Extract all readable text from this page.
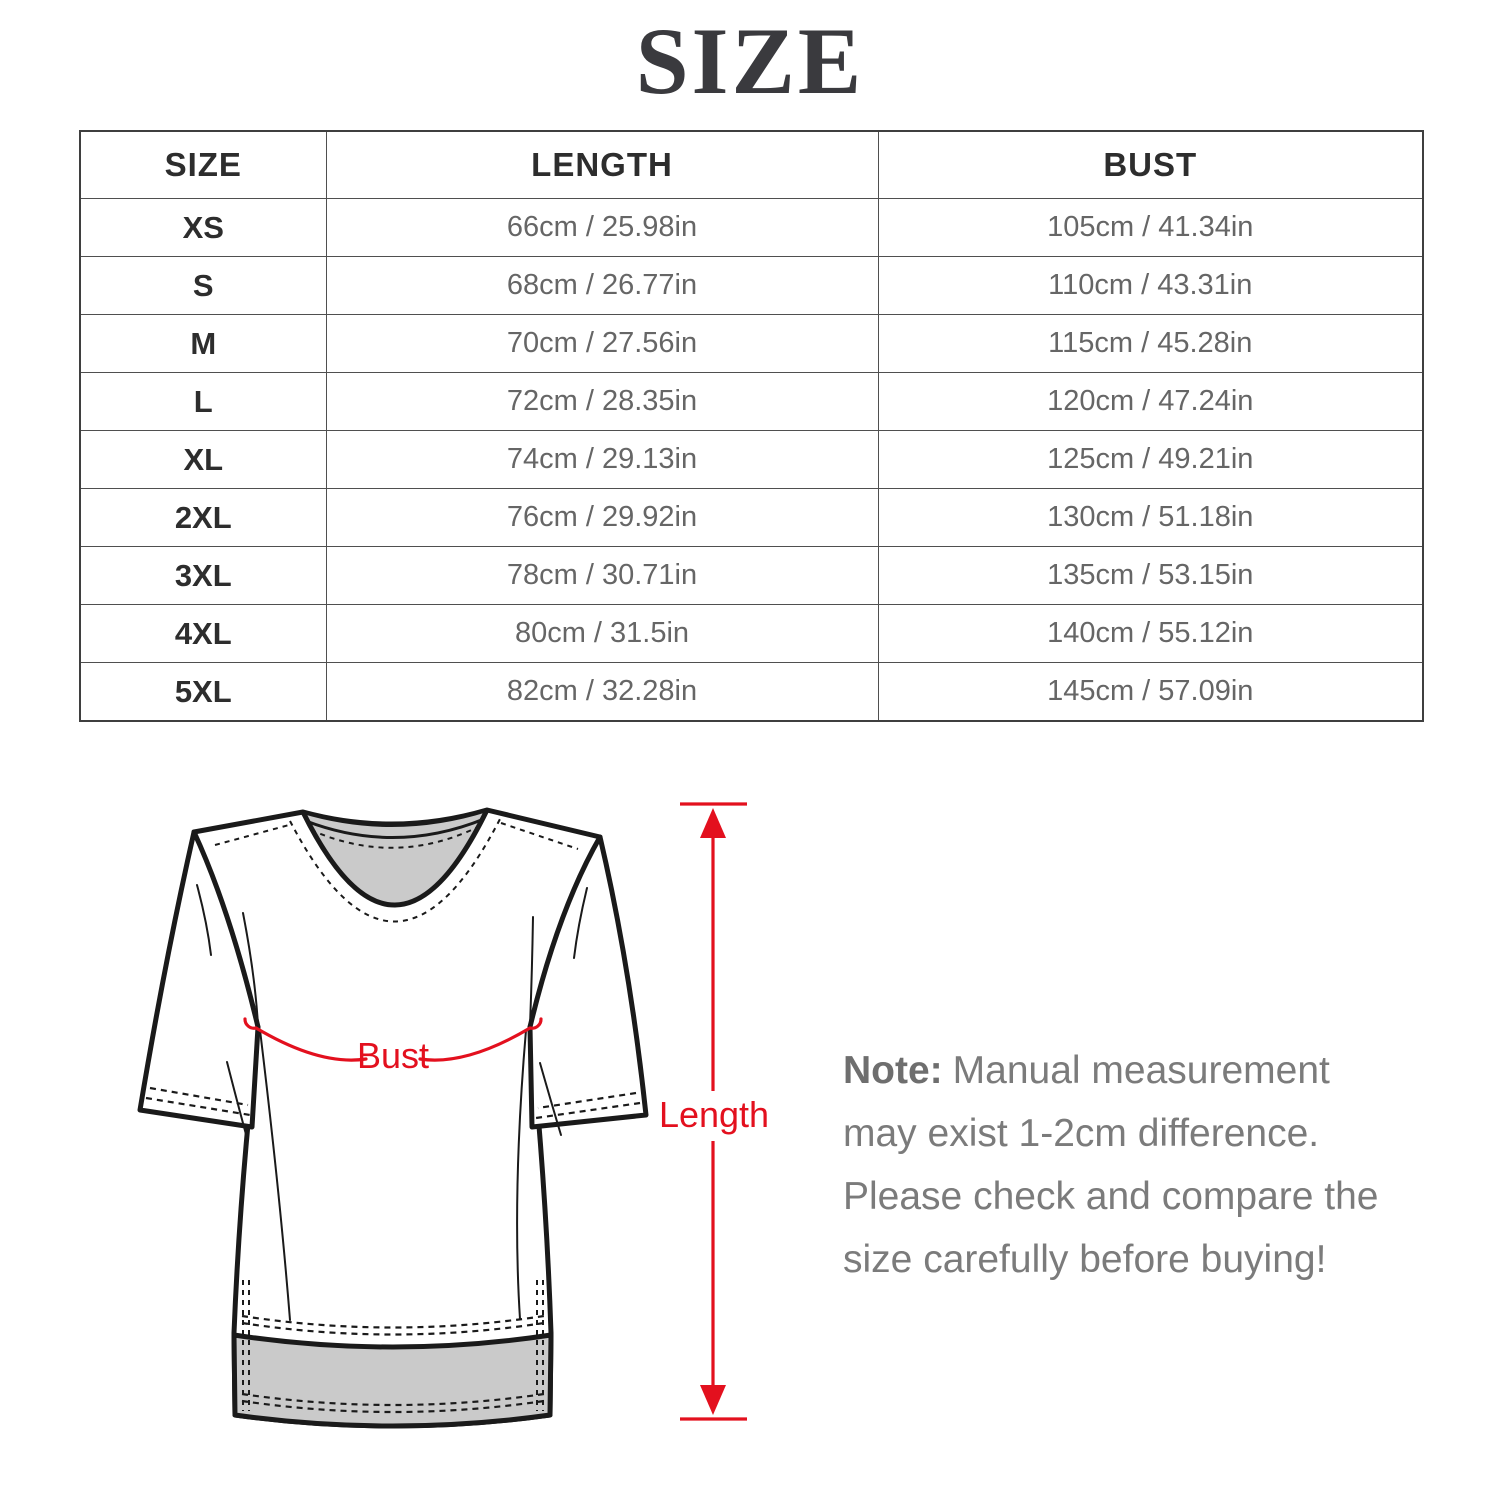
SIZE
SIZE	LENGTH	BUST
XS	66cm / 25.98in	105cm / 41.34in
S	68cm / 26.77in	110cm / 43.31in
M	70cm / 27.56in	115cm / 45.28in
L	72cm / 28.35in	120cm / 47.24in
XL	74cm / 29.13in	125cm / 49.21in
2XL	76cm / 29.92in	130cm / 51.18in
3XL	78cm / 30.71in	135cm / 53.15in
4XL	80cm / 31.5in	140cm / 55.12in
5XL	82cm / 32.28in	145cm / 57.09in
Bust
Length

Note: Manual measurement may exist 1-2cm difference. Please check and compare the size carefully before buying!
